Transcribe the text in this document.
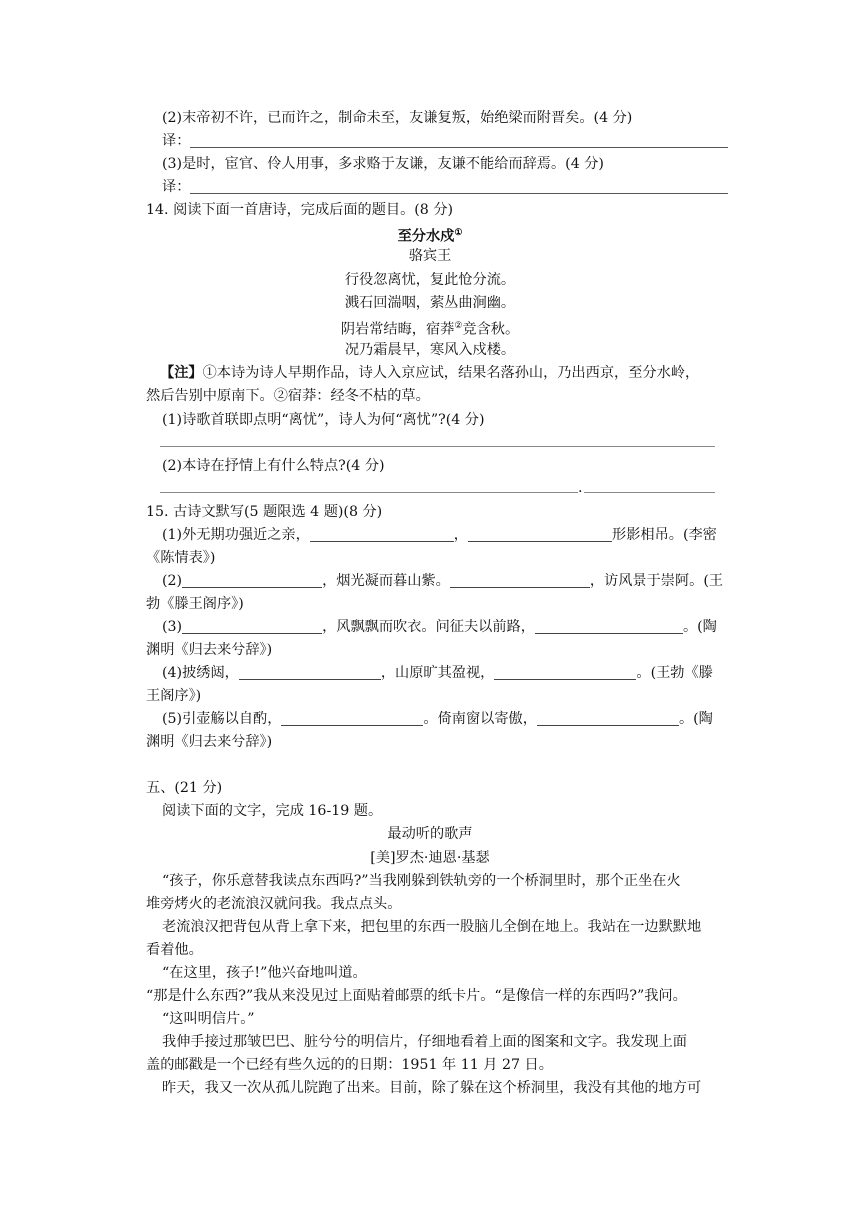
(2)末帝初不许，已而许之，制命未至，友谦复叛，始绝梁而附晋矣。(4 分)
译：
(3)是时，宦官、伶人用事，多求赂于友谦，友谦不能给而辞焉。(4 分)
译：
14. 阅读下面一首唐诗，完成后面的题目。(8 分)
至分水戍①
骆宾王
行役忽离忧，复此怆分流。
溅石回湍咽，萦丛曲涧幽。
阴岩常结晦，宿莽②竞含秋。
况乃霜晨早，寒风入戍楼。
【注】①本诗为诗人早期作品，诗人入京应试，结果名落孙山，乃出西京，至分水岭，
然后告别中原南下。②宿莽：经冬不枯的草。
(1)诗歌首联即点明“离忧”，诗人为何“离忧”?(4 分)
(2)本诗在抒情上有什么特点?(4 分)
.
15. 古诗文默写(5 题限选 4 题)(8 分)
(1)外无期功强近之亲，	，	形影相吊。(李密
《陈情表》)
(2)	，烟光凝而暮山紫。	，访风景于崇阿。(王
勃《滕王阁序》)
(3)	，风飘飘而吹衣。问征夫以前路，	。(陶
渊明《归去来兮辞》)
(4)披绣闼，	，山原旷其盈视，	。(王勃《滕
王阁序》)
(5)引壶觞以自酌，	。倚南窗以寄傲，	。(陶
渊明《归去来兮辞》)
五、(21 分)
阅读下面的文字，完成 16-19 题。
最动听的歌声
[美]罗杰·迪恩·基瑟
“孩子，你乐意替我读点东西吗?”当我刚躲到铁轨旁的一个桥洞里时，那个正坐在火
堆旁烤火的老流浪汉就问我。我点点头。
老流浪汉把背包从背上拿下来，把包里的东西一股脑儿全倒在地上。我站在一边默默地
看着他。
“在这里，孩子!”他兴奋地叫道。
“那是什么东西?”我从来没见过上面贴着邮票的纸卡片。“是像信一样的东西吗?”我问。
“这叫明信片。”
我伸手接过那皱巴巴、脏兮兮的明信片，仔细地看着上面的图案和文字。我发现上面
盖的邮戳是一个已经有些久远的的日期：1951 年 11 月 27 日。
昨天，我又一次从孤儿院跑了出来。目前，除了躲在这个桥洞里，我没有其他的地方可
